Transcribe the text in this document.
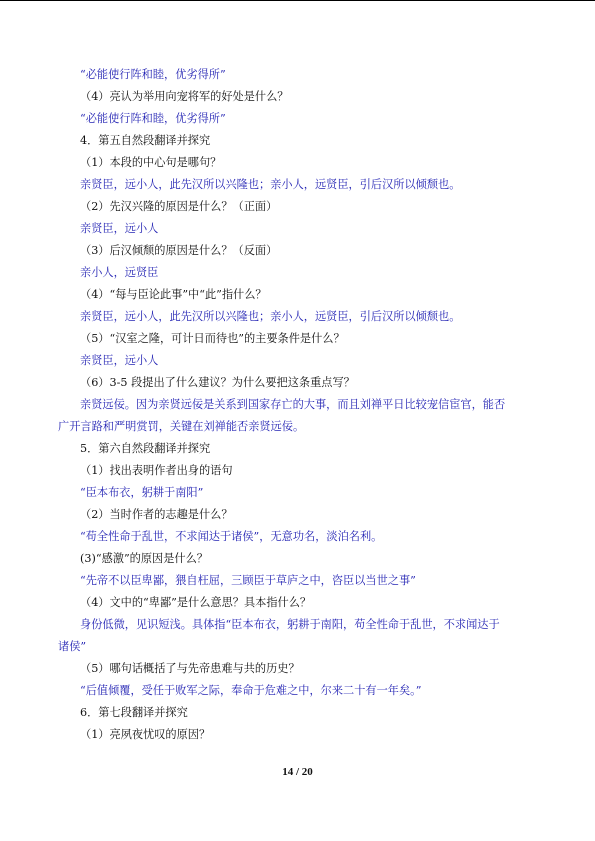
“必能使行阵和睦，优劣得所”
（4）亮认为举用向宠将军的好处是什么？
“必能使行阵和睦，优劣得所”
4．第五自然段翻译并探究
（1）本段的中心句是哪句？
亲贤臣，远小人，此先汉所以兴隆也；亲小人，远贤臣，引后汉所以倾颓也。
（2）先汉兴隆的原因是什么？（正面）
亲贤臣，远小人
（3）后汉倾颓的原因是什么？（反面）
亲小人，远贤臣
（4）“每与臣论此事”中“此”指什么？
亲贤臣，远小人，此先汉所以兴隆也；亲小人，远贤臣，引后汉所以倾颓也。
（5）“汉室之隆，可计日而待也”的主要条件是什么？
亲贤臣，远小人
（6）3-5 段提出了什么建议？为什么要把这条重点写？
亲贤远佞。因为亲贤远佞是关系到国家存亡的大事，而且刘禅平日比较宠信宦官，能否
广开言路和严明赏罚，关键在刘禅能否亲贤远佞。
5．第六自然段翻译并探究
（1）找出表明作者出身的语句
“臣本布衣，躬耕于南阳”
（2）当时作者的志趣是什么？
“苟全性命于乱世，不求闻达于诸侯”，无意功名，淡泊名利。
(3)“感激”的原因是什么？
“先帝不以臣卑鄙，猥自枉屈，三顾臣于草庐之中，咨臣以当世之事”
（4）文中的“卑鄙”是什么意思？具本指什么？
身份低微，见识短浅。具体指“臣本布衣，躬耕于南阳，苟全性命于乱世，不求闻达于
诸侯”
（5）哪句话概括了与先帝患难与共的历史？
“后值倾覆，受任于败军之际，奉命于危难之中，尔来二十有一年矣。”
6．第七段翻译并探究
（1）亮夙夜忧叹的原因？
14 / 20
